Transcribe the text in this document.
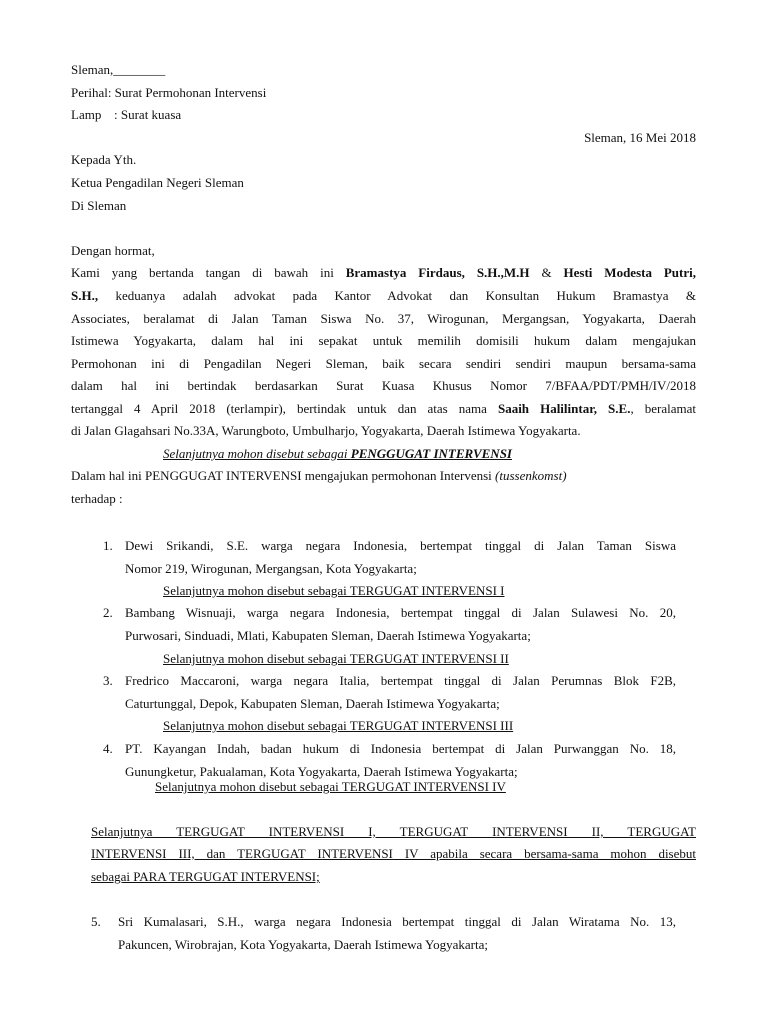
Sleman,________
Perihal: Surat Permohonan Intervensi
Lamp : Surat kuasa
Sleman, 16 Mei 2018
Kepada Yth.
Ketua Pengadilan Negeri Sleman
Di Sleman
Dengan hormat,
Kami yang bertanda tangan di bawah ini Bramastya Firdaus, S.H.,M.H & Hesti Modesta Putri,
S.H., keduanya adalah advokat pada Kantor Advokat dan Konsultan Hukum Bramastya &
Associates, beralamat di Jalan Taman Siswa No. 37, Wirogunan, Mergangsan, Yogyakarta, Daerah
Istimewa Yogyakarta, dalam hal ini sepakat untuk memilih domisili hukum dalam mengajukan
Permohonan ini di Pengadilan Negeri Sleman, baik secara sendiri sendiri maupun bersama-sama
dalam hal ini bertindak berdasarkan Surat Kuasa Khusus Nomor 7/BFAA/PDT/PMH/IV/2018
tertanggal 4 April 2018 (terlampir), bertindak untuk dan atas nama Saaih Halilintar, S.E., beralamat
di Jalan Glagahsari No.33A, Warungboto, Umbulharjo, Yogyakarta, Daerah Istimewa Yogyakarta.
Selanjutnya mohon disebut sebagai PENGGUGAT INTERVENSI
Dalam hal ini PENGGUGAT INTERVENSI mengajukan permohonan Intervensi (tussenkomst)
terhadap :
1. Dewi Srikandi, S.E. warga negara Indonesia, bertempat tinggal di Jalan Taman Siswa
Nomor 219, Wirogunan, Mergangsan, Kota Yogyakarta;
Selanjutnya mohon disebut sebagai TERGUGAT INTERVENSI I
2. Bambang Wisnuaji, warga negara Indonesia, bertempat tinggal di Jalan Sulawesi No. 20,
Purwosari, Sinduadi, Mlati, Kabupaten Sleman, Daerah Istimewa Yogyakarta;
Selanjutnya mohon disebut sebagai TERGUGAT INTERVENSI II
3. Fredrico Maccaroni, warga negara Italia, bertempat tinggal di Jalan Perumnas Blok F2B,
Caturtunggal, Depok, Kabupaten Sleman, Daerah Istimewa Yogyakarta;
Selanjutnya mohon disebut sebagai TERGUGAT INTERVENSI III
4. PT. Kayangan Indah, badan hukum di Indonesia bertempat di Jalan Purwanggan No. 18,
Gunungketur, Pakualaman, Kota Yogyakarta, Daerah Istimewa Yogyakarta;
Selanjutnya mohon disebut sebagai TERGUGAT INTERVENSI IV
Selanjutnya TERGUGAT INTERVENSI I, TERGUGAT INTERVENSI II, TERGUGAT
INTERVENSI III, dan TERGUGAT INTERVENSI IV apabila secara bersama-sama mohon disebut
sebagai PARA TERGUGAT INTERVENSI;
5. Sri Kumalasari, S.H., warga negara Indonesia bertempat tinggal di Jalan Wiratama No. 13,
Pakuncen, Wirobrajan, Kota Yogyakarta, Daerah Istimewa Yogyakarta;
